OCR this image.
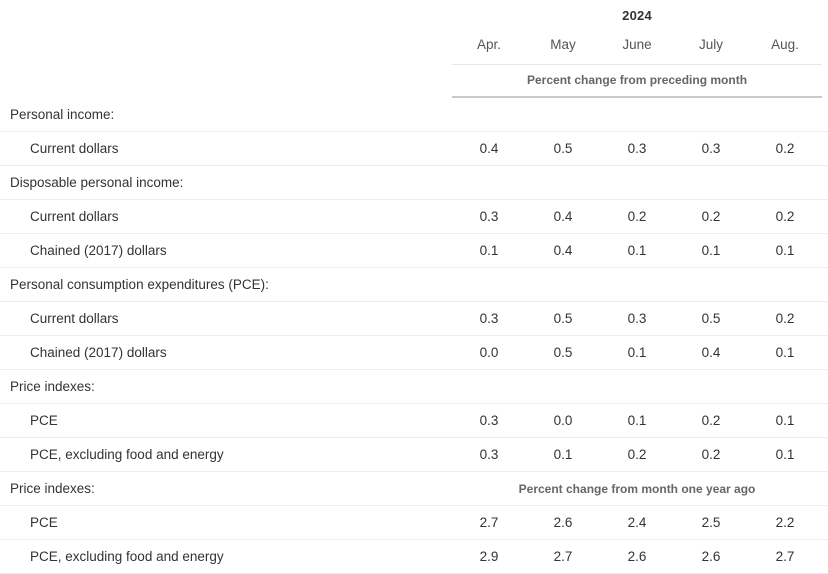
	2024					
	Apr.	May	June	July	Aug.	
	Percent change from preceding month					

Personal income:						
Current dollars	0.4	0.5	0.3	0.3	0.2	
Disposable personal income:						
Current dollars	0.3	0.4	0.2	0.2	0.2	
Chained (2017) dollars	0.1	0.4	0.1	0.1	0.1	
Personal consumption expenditures (PCE):						
Current dollars	0.3	0.5	0.3	0.5	0.2	
Chained (2017) dollars	0.0	0.5	0.1	0.4	0.1	
Price indexes:						
PCE	0.3	0.0	0.1	0.2	0.1	
PCE, excluding food and energy	0.3	0.1	0.2	0.2	0.1	
Price indexes:	Percent change from month one year ago					
PCE	2.7	2.6	2.4	2.5	2.2	
PCE, excluding food and energy	2.9	2.7	2.6	2.6	2.7	
